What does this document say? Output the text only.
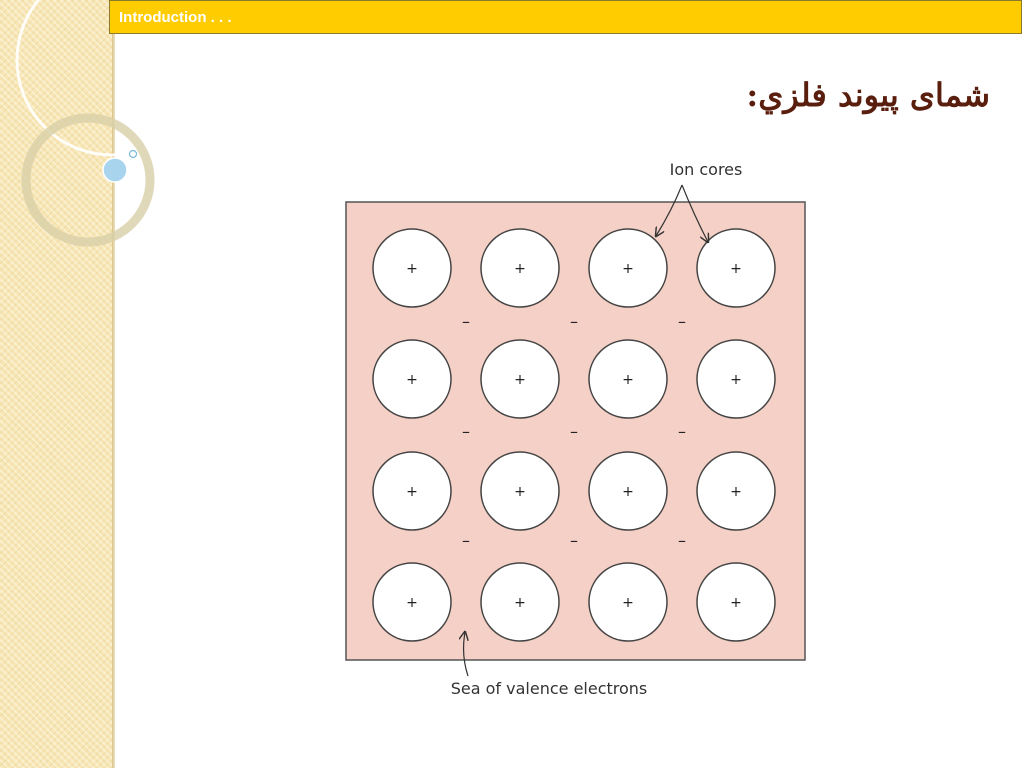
Introduction . . .
شمای پیوند فلزي:
+	+	+	+
+	+	+	+
+	+	+	+
+	+	+	+
–	–	–
–	–	–
–	–	–
Ion cores
Sea of valence electrons
